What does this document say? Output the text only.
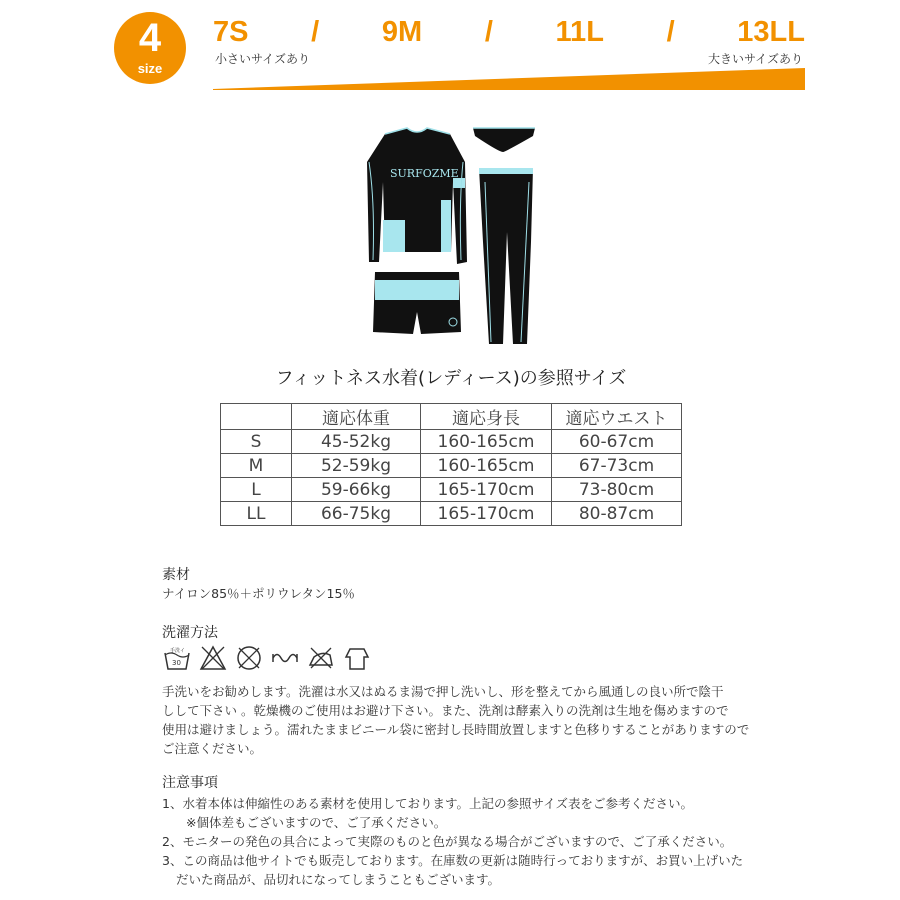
4
size
7S / 9M / 11L / 13LL
小さいサイズあり	大きいサイズあり
SURFOZME
フィットネス水着(レディース)の参照サイズ
	適応体重	適応身長	適応ウエスト
S	45-52kg	160-165cm	60-67cm
M	52-59kg	160-165cm	67-73cm
L	59-66kg	165-170cm	73-80cm
LL	66-75kg	165-170cm	80-87cm
素材
ナイロン85％＋ポリウレタン15％
洗濯方法
手洗イ
30
手洗いをお勧めします。洗濯は水又はぬるま湯で押し洗いし、形を整えてから風通しの良い所で陰干
しして下さい 。乾燥機のご使用はお避け下さい。また、洗剤は酵素入りの洗剤は生地を傷めますので
使用は避けましょう。濡れたままビニール袋に密封し長時間放置しますと色移りすることがありますので
ご注意ください。
注意事項
1、水着本体は伸縮性のある素材を使用しております。上記の参照サイズ表をご参考ください。
※個体差もございますので、ご了承ください。
2、モニターの発色の具合によって実際のものと色が異なる場合がございますので、ご了承ください。
3、この商品は他サイトでも販売しております。在庫数の更新は随時行っておりますが、お買い上げいた
だいた商品が、品切れになってしまうこともございます。
